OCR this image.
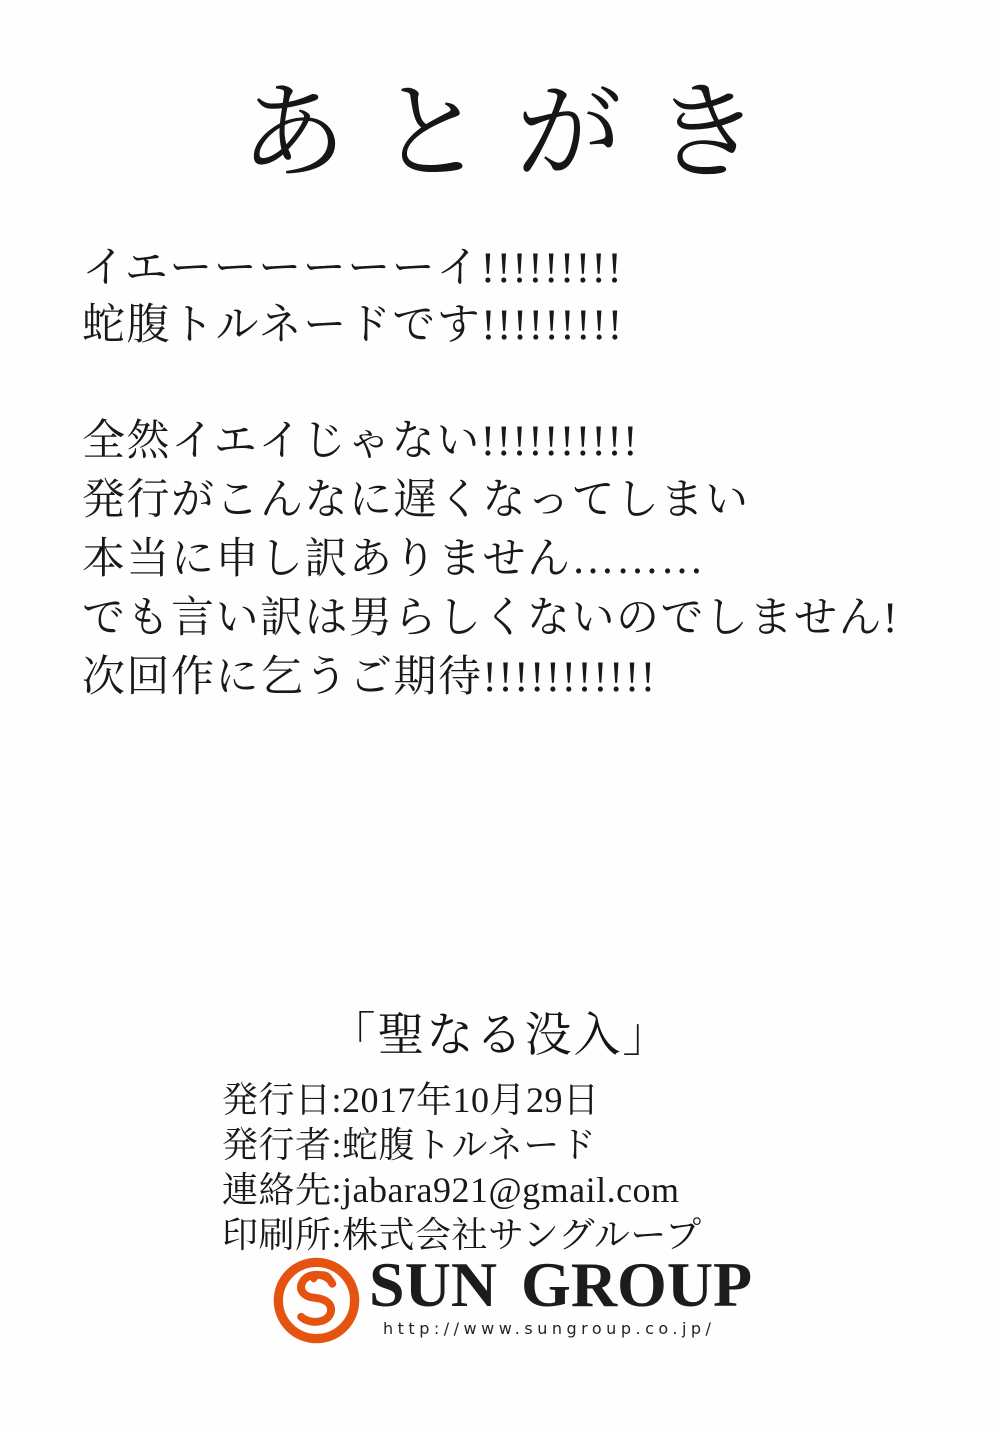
あとがき
イエーーーーーーイ!!!!!!!!!
蛇腹トルネードです!!!!!!!!!
全然イエイじゃない!!!!!!!!!!
発行がこんなに遅くなってしまい
本当に申し訳ありません………
でも言い訳は男らしくないのでしません!
次回作に乞うご期待!!!!!!!!!!!
「聖なる没入」
発行日:2017年10月29日
発行者:蛇腹トルネード
連絡先:jabara921@gmail.com
印刷所:株式会社サングループ
SUN GROUP
http://www.sungroup.co.jp/
